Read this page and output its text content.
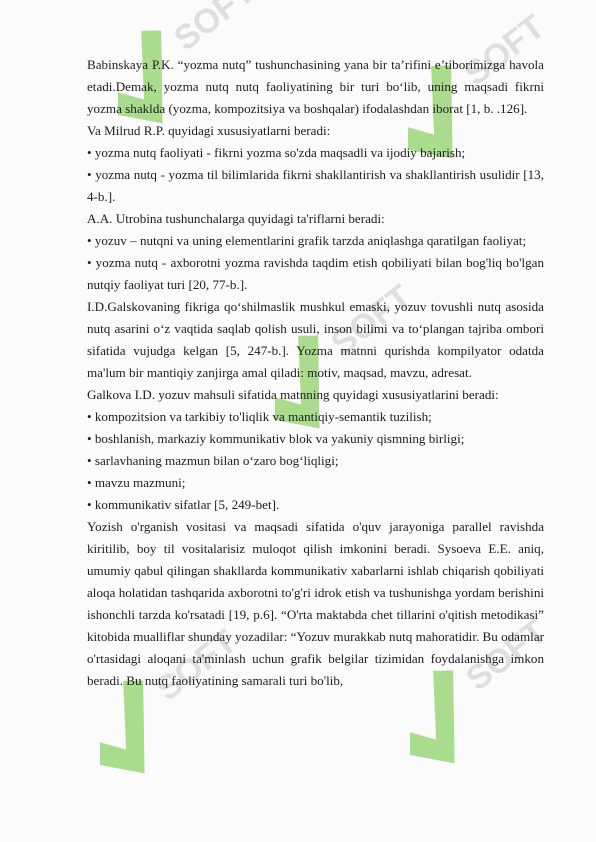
Babinskaya P.K. “yozma nutq” tushunchasining yana bir ta’rifini e’tiborimizga havola etadi.Demak, yozma nutq nutq faoliyatining bir turi bo‘lib, uning maqsadi fikrni yozma shaklda (yozma, kompozitsiya va boshqalar) ifodalashdan iborat [1, b. .126].

Va Milrud R.P. quyidagi xususiyatlarni beradi:

• yozma nutq faoliyati - fikrni yozma so'zda maqsadli va ijodiy bajarish;

• yozma nutq - yozma til bilimlarida fikrni shakllantirish va shakllantirish usulidir [13, 4-b.].

A.A. Utrobina tushunchalarga quyidagi ta'riflarni beradi:

• yozuv – nutqni va uning elementlarini grafik tarzda aniqlashga qaratilgan faoliyat;

• yozma nutq - axborotni yozma ravishda taqdim etish qobiliyati bilan bog'liq bo'lgan nutqiy faoliyat turi [20, 77-b.].

I.D.Galskovaning fikriga qo‘shilmaslik mushkul emaski, yozuv tovushli nutq asosida nutq asarini o‘z vaqtida saqlab qolish usuli, inson bilimi va to‘plangan tajriba ombori sifatida vujudga kelgan [5, 247-b.]. Yozma matnni qurishda kompilyator odatda ma'lum bir mantiqiy zanjirga amal qiladi: motiv, maqsad, mavzu, adresat.

Galkova I.D. yozuv mahsuli sifatida matnning quyidagi xususiyatlarini beradi:

• kompozitsion va tarkibiy to'liqlik va mantiqiy-semantik tuzilish;

• boshlanish, markaziy kommunikativ blok va yakuniy qismning birligi;

• sarlavhaning mazmun bilan o‘zaro bog‘liqligi;

• mavzu mazmuni;

• kommunikativ sifatlar [5, 249-bet].

Yozish o'rganish vositasi va maqsadi sifatida o'quv jarayoniga parallel ravishda kiritilib, boy til vositalarisiz muloqot qilish imkonini beradi. Sysoeva E.E. aniq, umumiy qabul qilingan shakllarda kommunikativ xabarlarni ishlab chiqarish qobiliyati aloqa holatidan tashqarida axborotni to'g'ri idrok etish va tushunishga yordam berishini ishonchli tarzda ko'rsatadi [19, p.6]. “O'rta maktabda chet tillarini o'qitish metodikasi” kitobida mualliflar shunday yozadilar: “Yozuv murakkab nutq mahoratidir. Bu odamlar o'rtasidagi aloqani ta'minlash uchun grafik belgilar tizimidan foydalanishga imkon beradi. Bu nutq faoliyatining samarali turi bo'lib,
